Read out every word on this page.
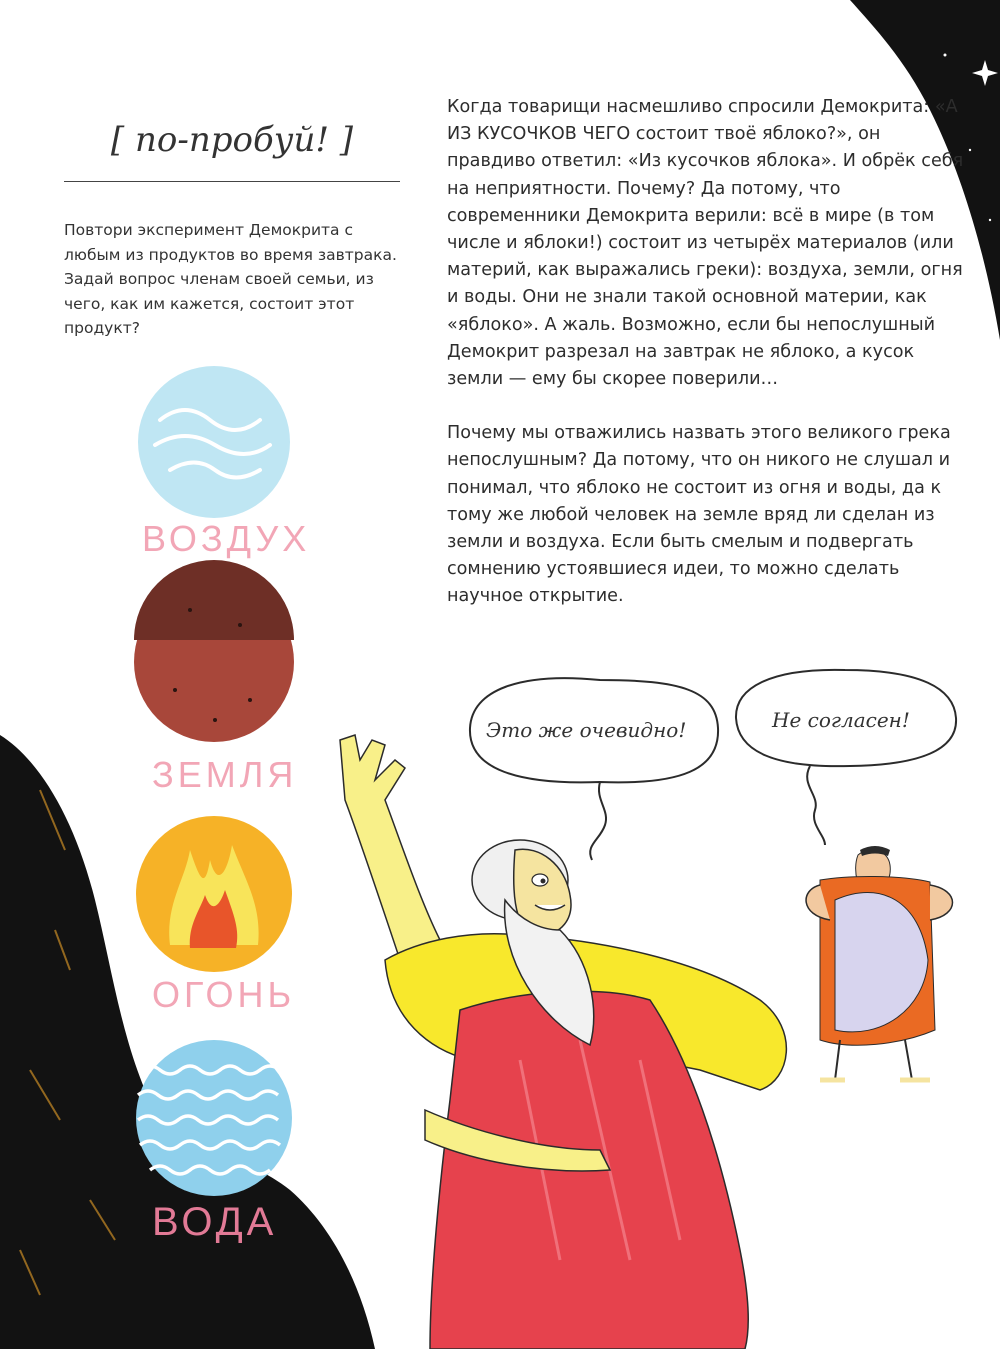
[ по-пробуй! ]
Повтори эксперимент Демокрита с любым из продуктов во время завтрака. Задай вопрос членам своей семьи, из чего, как им кажется, состоит этот продукт?

Когда товарищи насмешливо спросили Демокрита: «А ИЗ КУСОЧКОВ ЧЕГО состоит твоё яблоко?», он правдиво ответил: «Из кусочков яблока». И обрёк себя на неприятности. Почему? Да потому, что современники Демокрита верили: всё в мире (в том числе и яблоки!) состоит из четырёх материалов (или материй, как выражались греки): воздуха, земли, огня и воды. Они не знали такой основной материи, как «яблоко». А жаль. Возможно, если бы непослушный Демокрит разрезал на завтрак не яблоко, а кусок земли — ему бы скорее поверили…

Почему мы отважились назвать этого великого грека непослушным? Да потому, что он никого не слушал и понимал, что яблоко не состоит из огня и воды, да к тому же любой человек на земле вряд ли сделан из земли и воздуха. Если быть смелым и подвергать сомнению устоявшиеся идеи, то можно сделать научное открытие.

ВОЗДУХ
ЗЕМЛЯ
ОГОНЬ
ВОДА
Это же очевидно!	Не согласен!
